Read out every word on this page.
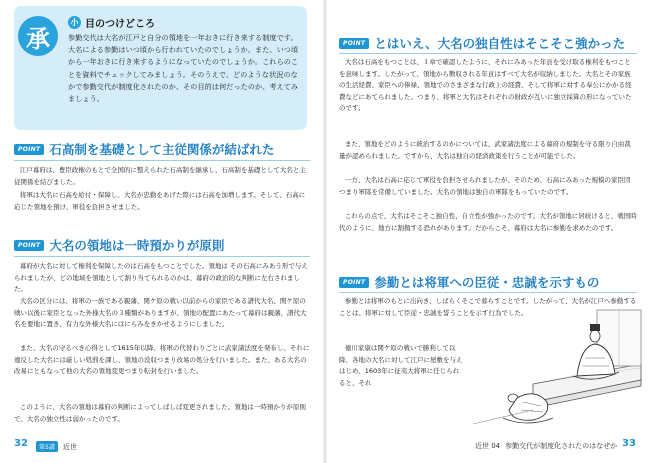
承
小 目のつけどころ

参勤交代は大名が江戸と自分の領地を一年おきに行き来する制度です。大名による参勤はいつ頃から行われていたのでしょうか。また、いつ頃から一年おきに行き来するようになっていたのでしょうか。これらのことを資料でチェックしてみましょう。そのうえで、どのような状況のなかで参勤交代が制度化されたのか、その目的は何だったのか、考えてみましょう。

POINT 石高制を基礎として主従関係が結ばれた

江戸幕府は、豊臣政権のもとで全国的に整えられた石高制を継承し、石高制を基礎として大名と主従関係を結びました。

将軍は大名に石高を給付・保障し、大名が忠勤をあげた際には石高を加増します。そして、石高に応じた領地を預け、軍役を負担させました。

POINT 大名の領地は一時預かりが原則

幕府が大名に対して権利を保障したのは石高をもつことでした。領地は その石高にみあう形で与えられましたが、どの地域を領地として割り当てられるのかは、幕府の政治的な判断に左右されました。

大名の区分には、将軍の一族である親藩、関ケ原の戦い以前からの家臣である譜代大名、関ケ原の戦い以後に家臣となった外様大名の３種類がありますが、領地の配置にあたって幕府は親藩、譜代大名を要地に置き、有力な外様大名にはにらみをきかせるようにしました。

また、大名の守るべき心得として1615年以降、将軍の代替わりごとに武家諸法度を発布し、それに違反した大名には厳しい処罰を課し、領地の没収つまり改易の処分を行いました。また、ある大名の改易にともなって他の大名の領地変更つまり転封を行いました。

このように、大名の領地は幕府の判断によってしばしば変更されました。領地は一時預かりが原則で、大名の独立性は弱かったのです。

32	第5講	近世
POINT とはいえ、大名の独自性はそこそこ強かった

大名は石高をもつことは、１章で確認したように、それにみあった年貢を受け取る権利をもつことを意味します。したがって、領地から徴収される年貢はすべて大名が収納しました。大名とその家族の生活経費、家臣への俸禄、領地でのさまざまな行政上の経費、そして将軍に対する奉公にかかる経費などにあてられました。つまり、将軍と大名はそれぞれの財政が互いに独立採算の形になっていたのです。

また、領地をどのように統治するのかについては、武家諸法度による幕府の規制を守る限り自由裁量が認められました。ですから、大名は独自の経済政策を行うことが可能でした。

一方、大名は石高に応じて軍役を負担させられましたが、そのため、石高にみあった規模の家臣団つまり軍隊を常備していました。大名の領地は独自の軍隊をもっていたのです。

これらの点で、大名はそこそこ独自性、自立性が強かったのです。大名が領地に居続けると、戦国時代のように、地方に割拠する恐れがあります。だからこそ、幕府は大名に参勤を求めたのです。

POINT 参勤とは将軍への臣従・忠誠を示すもの

参勤とは将軍のもとに出向き、しばらくそこで暮らすことです。したがって、大名が江戸へ参勤することは、将軍に対して臣従・忠誠を誓うことを示す行為でした。

徳川家康は関ケ原の戦いで勝利して以降、各地の大名に対して江戸に屋敷を与えはじめ、1603年に征夷大将軍に任じられると、それ

近世 04 参勤交代が制度化されたのはなぜか 33
